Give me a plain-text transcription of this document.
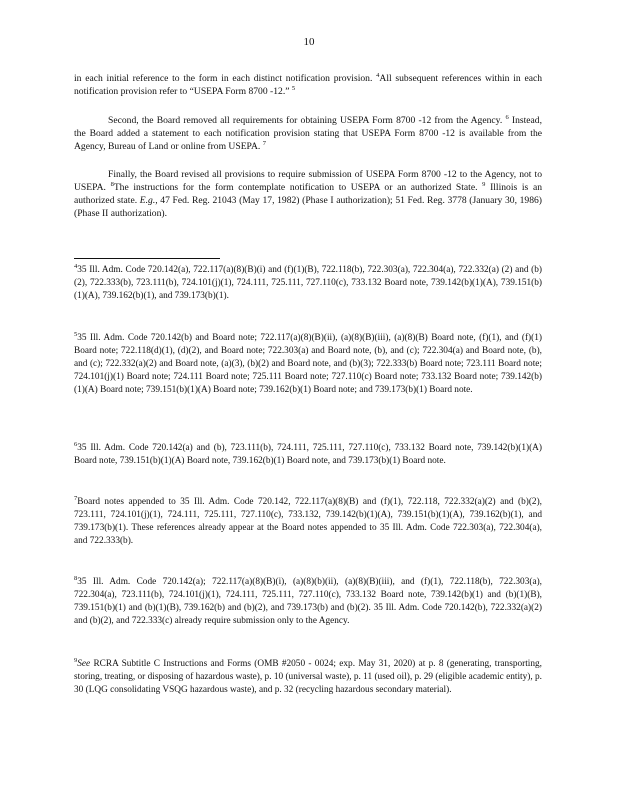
10
in each initial reference to the form in each distinct notification provision. $^4$All subsequent references within in each notification provision refer to “USEPA Form 8700 -12.” $^5$
Second, the Board removed all requirements for obtaining USEPA Form 8700 -12 from the Agency. $^6$ Instead, the Board added a statement to each notification provision stating that USEPA Form 8700 -12 is available from the Agency, Bureau of Land or online from USEPA. $^7$
Finally, the Board revised all provisions to require submission of USEPA Form 8700 -12 to the Agency, not to USEPA. $^8$The instructions for the form contemplate notification to USEPA or an authorized State. $^9$ Illinois is an authorized state. E.g., 47 Fed. Reg. 21043 (May 17, 1982) (Phase I authorization); 51 Fed. Reg. 3778 (January 30, 1986) (Phase II authorization).
$^4$35 Ill. Adm. Code 720.142(a), 722.117(a)(8)(B)(i) and (f)(1)(B), 722.118(b), 722.303(a), 722.304(a), 722.332(a) (2) and (b)(2), 722.333(b), 723.111(b), 724.101(j)(1), 724.111, 725.111, 727.110(c), 733.132 Board note, 739.142(b)(1)(A), 739.151(b)(1)(A), 739.162(b)(1), and 739.173(b)(1).
$^5$35 Ill. Adm. Code 720.142(b) and Board note; 722.117(a)(8)(B)(ii), (a)(8)(B)(iii), (a)(8)(B) Board note, (f)(1), and (f)(1) Board note; 722.118(d)(1), (d)(2), and Board note; 722.303(a) and Board note, (b), and (c); 722.304(a) and Board note, (b), and (c); 722.332(a)(2) and Board note, (a)(3), (b)(2) and Board note, and (b)(3); 722.333(b) Board note; 723.111 Board note; 724.101(j)(1) Board note; 724.111 Board note; 725.111 Board note; 727.110(c) Board note; 733.132 Board note; 739.142(b)(1)(A) Board note; 739.151(b)(1)(A) Board note; 739.162(b)(1) Board note; and 739.173(b)(1) Board note.
$^6$35 Ill. Adm. Code 720.142(a) and (b), 723.111(b), 724.111, 725.111, 727.110(c), 733.132 Board note, 739.142(b)(1)(A) Board note, 739.151(b)(1)(A) Board note, 739.162(b)(1) Board note, and 739.173(b)(1) Board note.
$^7$Board notes appended to 35 Ill. Adm. Code 720.142, 722.117(a)(8)(B) and (f)(1), 722.118, 722.332(a)(2) and (b)(2), 723.111, 724.101(j)(1), 724.111, 725.111, 727.110(c), 733.132, 739.142(b)(1)(A), 739.151(b)(1)(A), 739.162(b)(1), and 739.173(b)(1). These references already appear at the Board notes appended to 35 Ill. Adm. Code 722.303(a), 722.304(a), and 722.333(b).
$^8$35 Ill. Adm. Code 720.142(a); 722.117(a)(8)(B)(i), (a)(8)(b)(ii), (a)(8)(B)(iii), and (f)(1), 722.118(b), 722.303(a), 722.304(a), 723.111(b), 724.101(j)(1), 724.111, 725.111, 727.110(c), 733.132 Board note, 739.142(b)(1) and (b)(1)(B), 739.151(b)(1) and (b)(1)(B), 739.162(b) and (b)(2), and 739.173(b) and (b)(2). 35 Ill. Adm. Code 720.142(b), 722.332(a)(2) and (b)(2), and 722.333(c) already require submission only to the Agency.
$^9$See RCRA Subtitle C Instructions and Forms (OMB #2050 - 0024; exp. May 31, 2020) at p. 8 (generating, transporting, storing, treating, or disposing of hazardous waste), p. 10 (universal waste), p. 11 (used oil), p. 29 (eligible academic entity), p. 30 (LQG consolidating VSQG hazardous waste), and p. 32 (recycling hazardous secondary material).
